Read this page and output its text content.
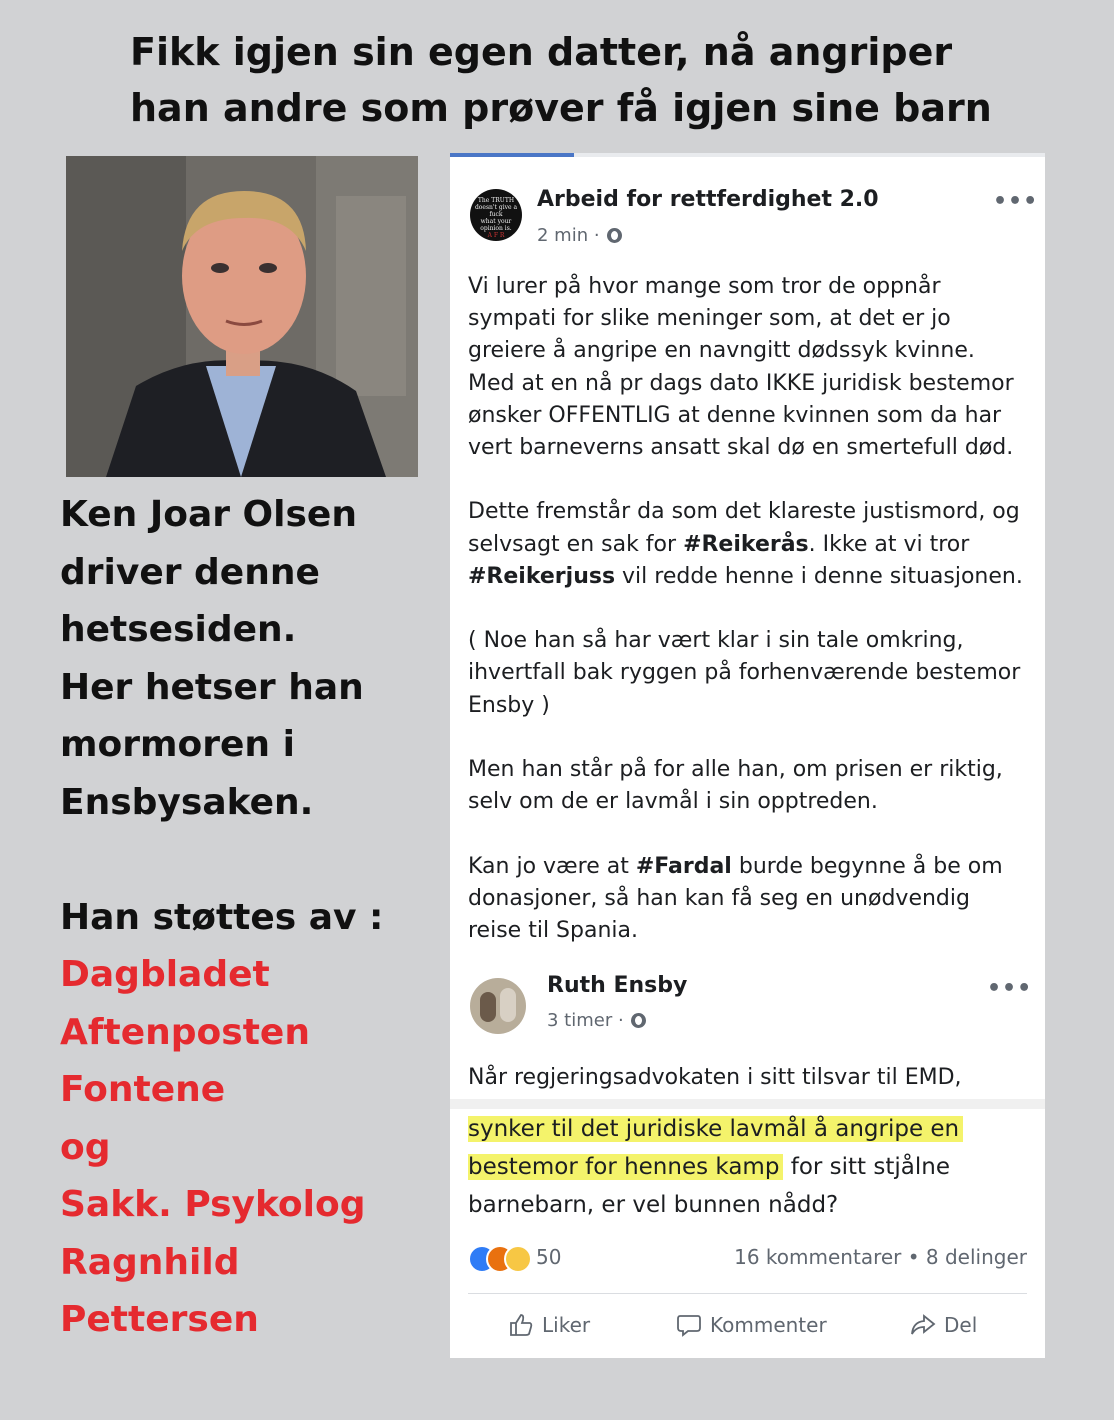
Fikk igjen sin egen datter, nå angriper
han andre som prøver få igjen sine barn
Ken Joar Olsen
driver denne
hetsesiden.
Her hetser han
mormoren i
Ensbysaken.
Han støttes av :
Dagbladet
Aftenposten
Fontene
og
Sakk. Psykolog
Ragnhild
Pettersen
The TRUTH
doesn't give a
fuck
what your
opinion is.
A F R
Arbeid for rettferdighet 2.0
2 min ·
•••

Vi lurer på hvor mange som tror de oppnår

sympati for slike meninger som, at det er jo

greiere å angripe en navngitt dødssyk kvinne.

Med at en nå pr dags dato IKKE juridisk bestemor

ønsker OFFENTLIG at denne kvinnen som da har

vert barneverns ansatt skal dø en smertefull død.

Dette fremstår da som det klareste justismord, og

selvsagt en sak for #Reikerås. Ikke at vi tror

#Reikerjuss vil redde henne i denne situasjonen.

( Noe han så har vært klar i sin tale omkring,

ihvertfall bak ryggen på forhenværende bestemor

Ensby )

Men han står på for alle han, om prisen er riktig,

selv om de er lavmål i sin opptreden.

Kan jo være at #Fardal burde begynne å be om

donasjoner, så han kan få seg en unødvendig

reise til Spania.

Ruth Ensby
3 timer ·
•••
Når regjeringsadvokaten i sitt tilsvar til EMD,
synker til det juridiske lavmål å angripe en
bestemor for hennes kamp for sitt stjålne
barnebarn, er vel bunnen nådd?
50	16 kommentarer • 8 delinger
Liker	Kommenter	Del
